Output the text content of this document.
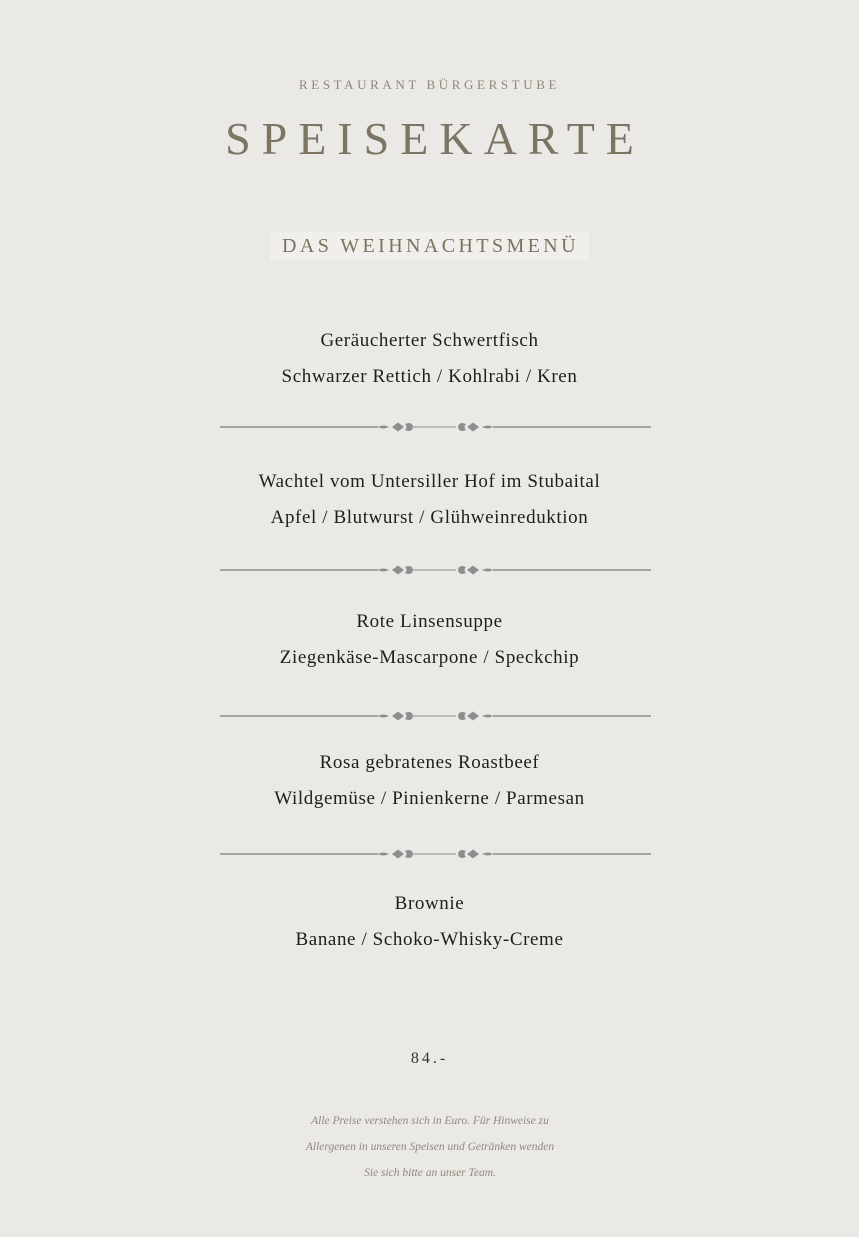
RESTAURANT BÜRGERSTUBE
SPEISEKARTE
DAS WEIHNACHTSMENÜ
Geräucherter Schwertfisch
Schwarzer Rettich / Kohlrabi / Kren
Wachtel vom Untersiller Hof im Stubaital
Apfel / Blutwurst / Glühweinreduktion
Rote Linsensuppe
Ziegenkäse-Mascarpone / Speckchip
Rosa gebratenes Roastbeef
Wildgemüse / Pinienkerne / Parmesan
Brownie
Banane / Schoko-Whisky-Creme
84.-
Alle Preise verstehen sich in Euro. Für Hinweise zu
Allergenen in unseren Speisen und Getränken wenden
Sie sich bitte an unser Team.
